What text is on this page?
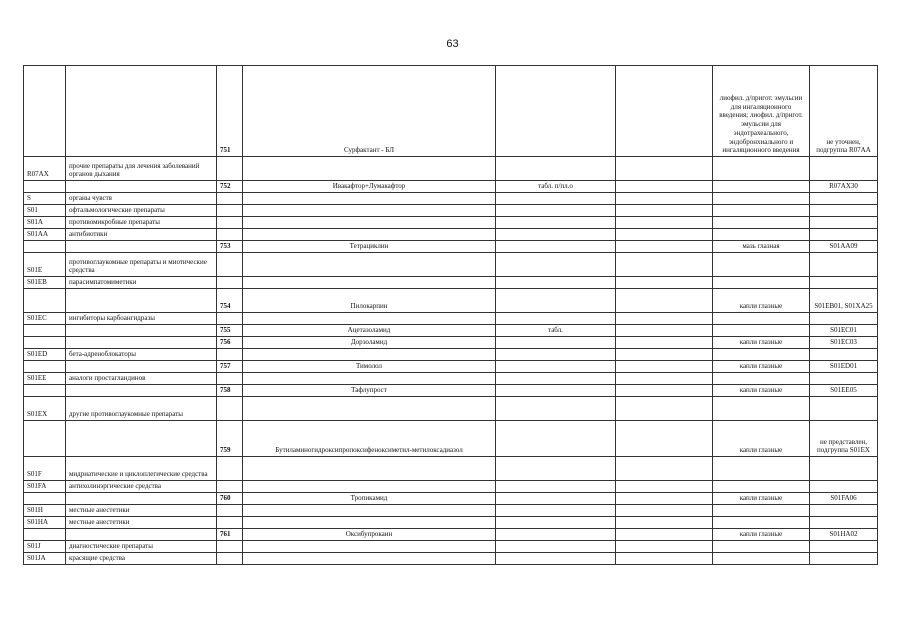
63
		751	Сурфактант - БЛ			лиофил. д/пригот. эмульсии для ингаляционного введения; лиофил. д/пригот. эмульсии для эндотрахеального, эндобронхиального и ингаляционного введения	не уточнен, подгруппа R07AA
R07AX	прочие препараты для лечения заболеваний органов дыхания						
		752	Ивакафтор+Лумакафтор	табл. п/пл.о			R07AX30
S	органы чувств						
S01	офтальмологические препараты						
S01A	противомикробные препараты						
S01AA	антибиотики						
		753	Тетрациклин			мазь глазная	S01AA09
S01E	противоглаукомные препараты и миотические средства						
S01EB	парасимпатомиметики						
		754	Пилокарпин			капли глазные	S01EB01, S01XA25
S01EC	ингибиторы карбоангидразы						
		755	Ацетазоламид	табл.			S01EC01
		756	Дорзоламид			капли глазные	S01EC03
S01ED	бета-адреноблокаторы						
		757	Тимолол			капли глазные	S01ED01
S01EE	аналоги простагландинов						
		758	Тафлупрост			капли глазные	S01EE05
S01EX	другие противоглаукомные препараты						
		759	Бутиламиногидроксипропоксифеноксиметил-метилоксадиазол			капли глазные	не представлен, подгруппа S01EX
S01F	мидриатические и циклоплегические средства						
S01FA	антихолинэргические средства						
		760	Тропикамид			капли глазные	S01FA06
S01H	местные анестетики						
S01HA	местные анестетики						
		761	Оксибупрокаин			капли глазные	S01HA02
S01J	диагностические препараты						
S01JA	красящие средства						
